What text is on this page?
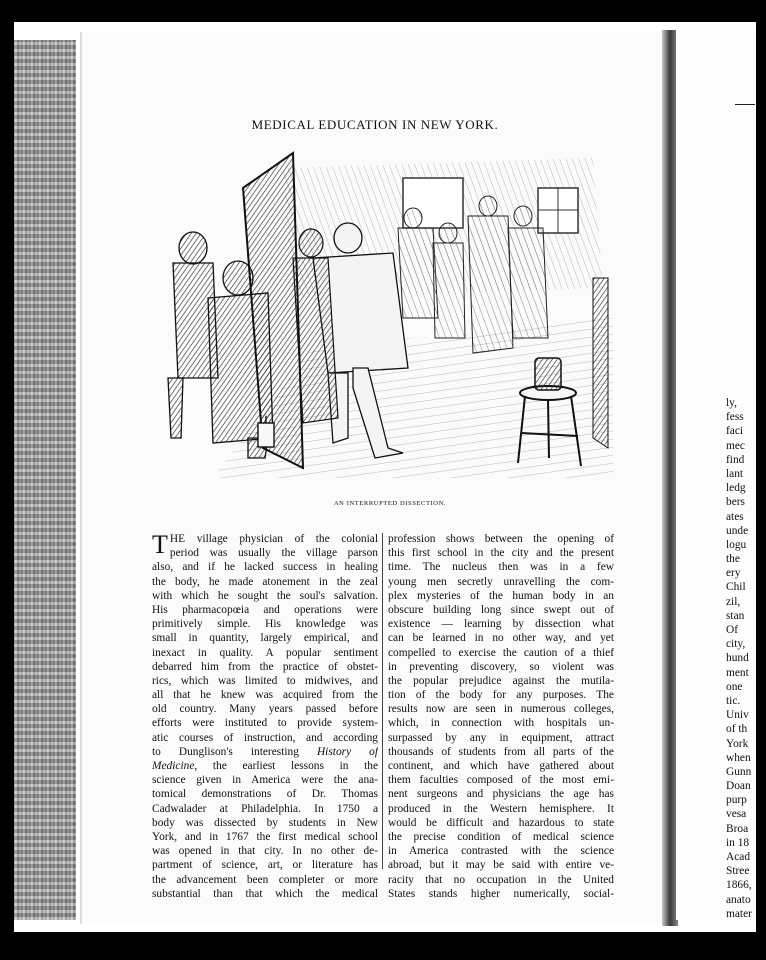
MEDICAL EDUCATION IN NEW YORK.
AN INTERRUPTED DISSECTION.
T HE village physician of the colonial
period was usually the village parson
also, and if he lacked success in healing
the body, he made atonement in the zeal
with which he sought the soul's salvation.
His pharmacopœia and operations were
primitively simple. His knowledge was
small in quantity, largely empirical, and
inexact in quality. A popular sentiment
debarred him from the practice of obstet-
rics, which was limited to midwives, and
all that he knew was acquired from the
old country. Many years passed before
efforts were instituted to provide system-
atic courses of instruction, and according
to Dunglison's interesting History of
Medicine, the earliest lessons in the
science given in America were the ana-
tomical demonstrations of Dr. Thomas
Cadwalader at Philadelphia. In 1750 a
body was dissected by students in New
York, and in 1767 the first medical school
was opened in that city. In no other de-
partment of science, art, or literature has
the advancement been completer or more
substantial than that which the medical
profession shows between the opening of
this first school in the city and the present
time. The nucleus then was in a few
young men secretly unravelling the com-
plex mysteries of the human body in an
obscure building long since swept out of
existence — learning by dissection what
can be learned in no other way, and yet
compelled to exercise the caution of a thief
in preventing discovery, so violent was
the popular prejudice against the mutila-
tion of the body for any purposes. The
results now are seen in numerous colleges,
which, in connection with hospitals un-
surpassed by any in equipment, attract
thousands of students from all parts of the
continent, and which have gathered about
them faculties composed of the most emi-
nent surgeons and physicians the age has
produced in the Western hemisphere. It
would be difficult and hazardous to state
the precise condition of medical science
in America contrasted with the science
abroad, but it may be said with entire ve-
racity that no occupation in the United
States stands higher numerically, social-
ly,
fess
faci
mec
find
lant
ledg
bers
ates
unde
logu
the
ery
Chil
zil,
stan
Of
city,
hund
ment
one
tic.
Univ
of th
York
when
Gunn
Doan
purp
vesa
Broa
in 18
Acad
Stree
1866,
anato
mater
